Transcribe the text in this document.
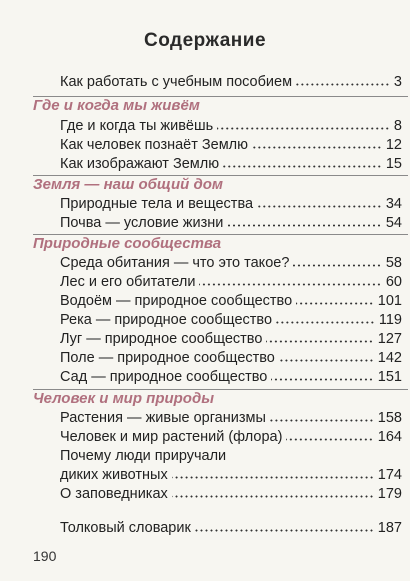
Содержание
Как работать с учебным пособием	3
Где и когда мы живём
Где и когда ты живёшь	8
Как человек познаёт Землю	12
Как изображают Землю	15
Земля — наш общий дом
Природные тела и вещества	34
Почва — условие жизни	54
Природные сообщества
Среда обитания — что это такое?	58
Лес и его обитатели	60
Водоём — природное сообщество	101
Река — природное сообщество	119
Луг — природное сообщество	127
Поле — природное сообщество	142
Сад — природное сообщество	151
Человек и мир природы
Растения — живые организмы	158
Человек и мир растений (флора)	164
Почему люди приручали
диких животных	174
О заповедниках	179
Толковый словарик	187
190
